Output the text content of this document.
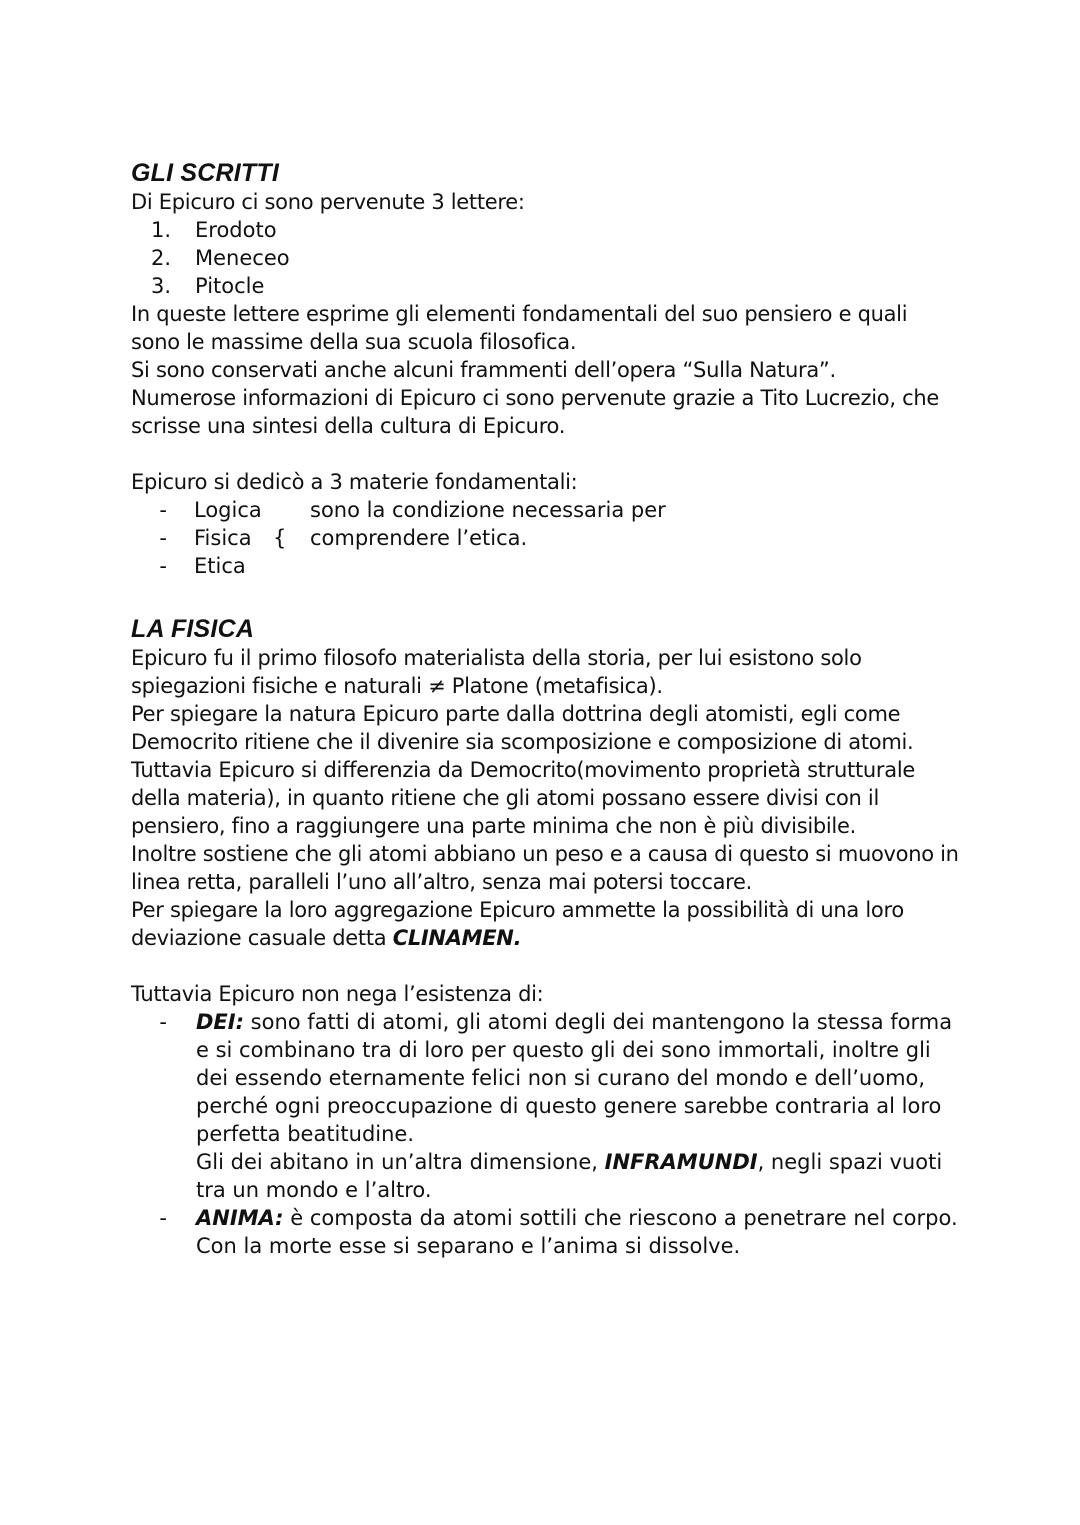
GLI SCRITTI

Di Epicuro ci sono pervenute 3 lettere:

1.	Erodoto
2.	Meneceo
3.	Pitocle

In queste lettere esprime gli elementi fondamentali del suo pensiero e quali sono le massime della sua scuola filosofica.

Si sono conservati anche alcuni frammenti dell’opera “Sulla Natura”.

Numerose informazioni di Epicuro ci sono pervenute grazie a Tito Lucrezio, che scrisse una sintesi della cultura di Epicuro.

Epicuro si dedicò a 3 materie fondamentali:

-	Logica	sono la condizione necessaria per
-	Fisica	comprendere l’etica.
-	Etica
{
LA FISICA

Epicuro fu il primo filosofo materialista della storia, per lui esistono solo spiegazioni fisiche e naturali ≠ Platone (metafisica).

Per spiegare la natura Epicuro parte dalla dottrina degli atomisti, egli come Democrito ritiene che il divenire sia scomposizione e composizione di atomi.

Tuttavia Epicuro si differenzia da Democrito(movimento proprietà strutturale della materia), in quanto ritiene che gli atomi possano essere divisi con il pensiero, fino a raggiungere una parte minima che non è più divisibile.

Inoltre sostiene che gli atomi abbiano un peso e a causa di questo si muovono in linea retta, paralleli l’uno all’altro, senza mai potersi toccare.

Per spiegare la loro aggregazione Epicuro ammette la possibilità di una loro deviazione casuale detta CLINAMEN.

Tuttavia Epicuro non nega l’esistenza di:

-	DEI: sono fatti di atomi, gli atomi degli dei mantengono la stessa forma e si combinano tra di loro per questo gli dei sono immortali, inoltre gli dei essendo eternamente felici non si curano del mondo e dell’uomo, perché ogni preoccupazione di questo genere sarebbe contraria al loro perfetta beatitudine.
Gli dei abitano in un’altra dimensione, INFRAMUNDI, negli spazi vuoti tra un mondo e l’altro.
-	ANIMA: è composta da atomi sottili che riescono a penetrare nel corpo. Con la morte esse si separano e l’anima si dissolve.
